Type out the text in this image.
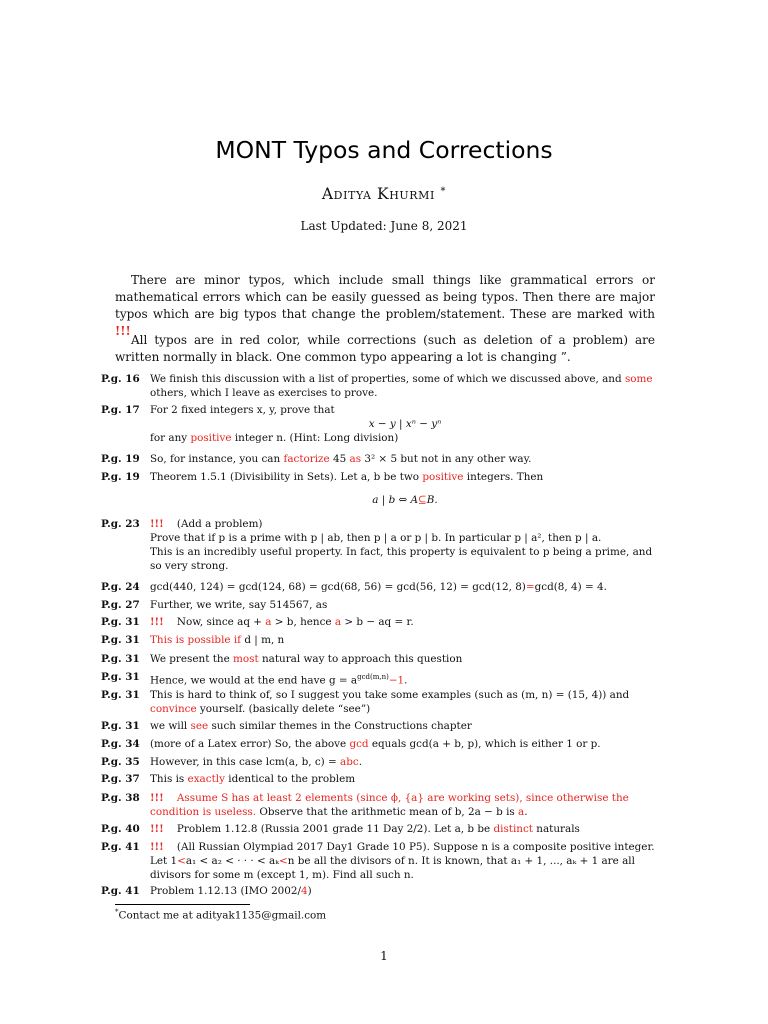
MONT Typos and Corrections
Aditya Khurmi *
Last Updated: June 8, 2021

There are minor typos, which include small things like grammatical errors or mathematical errors which can be easily guessed as being typos. Then there are major typos which are big typos that change the problem/statement. These are marked with !!!

All typos are in red color, while corrections (such as deletion of a problem) are written normally in black. One common typo appearing a lot is changing ”.

P.g. 16 We finish this discussion with a list of properties, some of which we discussed above, and some others, which I leave as exercises to prove.

P.g. 17 For 2 fixed integers x, y, prove that

x − y | xⁿ − yⁿ

for any positive integer n. (Hint: Long division)

P.g. 19 So, for instance, you can factorize 45 as 3² × 5 but not in any other way.

P.g. 19 Theorem 1.5.1 (Divisibility in Sets). Let a, b be two positive integers. Then

a | b ⇔ A⊆B.

P.g. 23 !!! (Add a problem)

Prove that if p is a prime with p | ab, then p | a or p | b. In particular p | a², then p | a.

This is an incredibly useful property. In fact, this property is equivalent to p being a prime, and so very strong.

P.g. 24 gcd(440, 124) = gcd(124, 68) = gcd(68, 56) = gcd(56, 12) = gcd(12, 8)=gcd(8, 4) = 4.

P.g. 27 Further, we write, say 514567, as

P.g. 31 !!! Now, since aq + a > b, hence a > b − aq = r.

P.g. 31 This is possible if d | m, n

P.g. 31 We present the most natural way to approach this question

P.g. 31 Hence, we would at the end have $g = a^{gcd(m,n)}-1$.

P.g. 31 This is hard to think of, so I suggest you take some examples (such as (m, n) = (15, 4)) and convince yourself. (basically delete “see”)

P.g. 31 we will see such similar themes in the Constructions chapter

P.g. 34 (more of a Latex error) So, the above gcd equals gcd(a + b, p), which is either 1 or p.

P.g. 35 However, in this case lcm(a, b, c) = abc.

P.g. 37 This is exactly identical to the problem

P.g. 38 !!! Assume S has at least 2 elements (since ϕ, {a} are working sets), since otherwise the condition is useless. Observe that the arithmetic mean of b, 2a − b is a.

P.g. 40 !!! Problem 1.12.8 (Russia 2001 grade 11 Day 2/2). Let a, b be distinct naturals

P.g. 41 !!! (All Russian Olympiad 2017 Day1 Grade 10 P5). Suppose n is a composite positive integer.

Let 1<a₁ < a₂ < · · · < aₖ<n be all the divisors of n. It is known, that a₁ + 1, ..., aₖ + 1 are all

divisors for some m (except 1, m). Find all such n.

P.g. 41 Problem 1.12.13 (IMO 2002/4)

*Contact me at adityak1135@gmail.com
1
